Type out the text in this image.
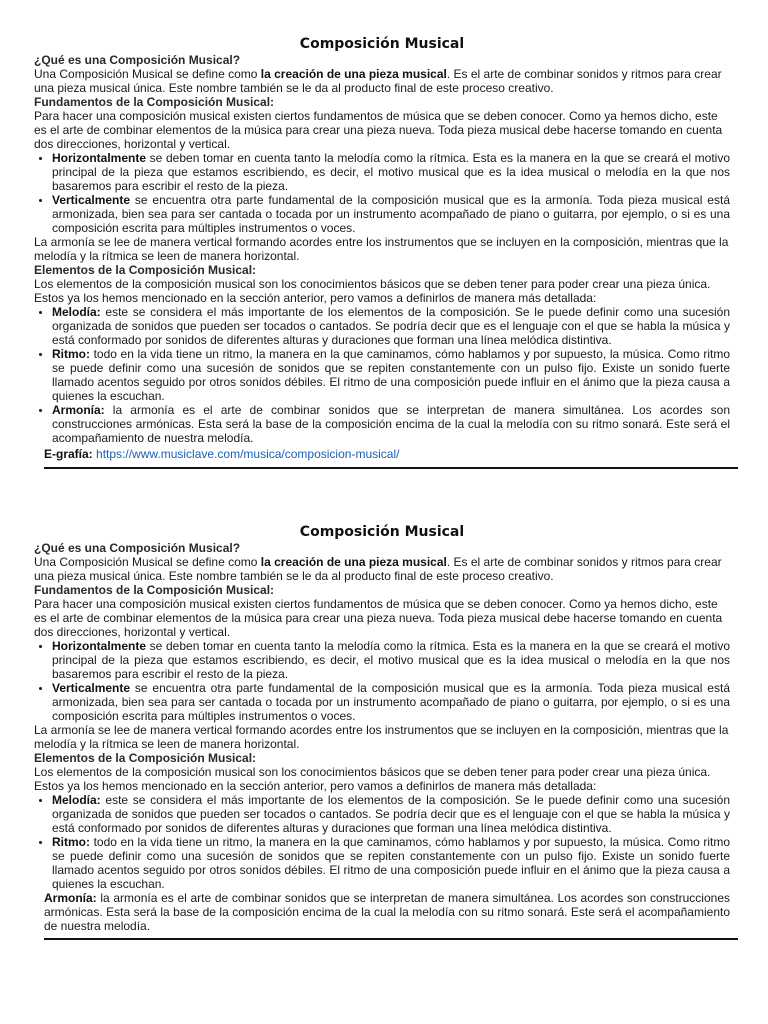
Composición Musical
¿Qué es una Composición Musical?

Una Composición Musical se define como la creación de una pieza musical. Es el arte de combinar sonidos y ritmos para crear una pieza musical única. Este nombre también se le da al producto final de este proceso creativo.

Fundamentos de la Composición Musical:

Para hacer una composición musical existen ciertos fundamentos de música que se deben conocer. Como ya hemos dicho, este es el arte de combinar elementos de la música para crear una pieza nueva. Toda pieza musical debe hacerse tomando en cuenta dos direcciones, horizontal y vertical.

• Horizontalmente se deben tomar en cuenta tanto la melodía como la rítmica. Esta es la manera en la que se creará el motivo principal de la pieza que estamos escribiendo, es decir, el motivo musical que es la idea musical o melodía en la que nos basaremos para escribir el resto de la pieza.
• Verticalmente se encuentra otra parte fundamental de la composición musical que es la armonía. Toda pieza musical está armonizada, bien sea para ser cantada o tocada por un instrumento acompañado de piano o guitarra, por ejemplo, o si es una composición escrita para múltiples instrumentos o voces.

La armonía se lee de manera vertical formando acordes entre los instrumentos que se incluyen en la composición, mientras que la melodía y la rítmica se leen de manera horizontal.

Elementos de la Composición Musical:

Los elementos de la composición musical son los conocimientos básicos que se deben tener para poder crear una pieza única. Estos ya los hemos mencionado en la sección anterior, pero vamos a definirlos de manera más detallada:

• Melodía: este se considera el más importante de los elementos de la composición. Se le puede definir como una sucesión organizada de sonidos que pueden ser tocados o cantados. Se podría decir que es el lenguaje con el que se habla la música y está conformado por sonidos de diferentes alturas y duraciones que forman una línea melódica distintiva.
• Ritmo: todo en la vida tiene un ritmo, la manera en la que caminamos, cómo hablamos y por supuesto, la música. Como ritmo se puede definir como una sucesión de sonidos que se repiten constantemente con un pulso fijo. Existe un sonido fuerte llamado acentos seguido por otros sonidos débiles. El ritmo de una composición puede influir en el ánimo que la pieza causa a quienes la escuchan.
• Armonía: la armonía es el arte de combinar sonidos que se interpretan de manera simultánea. Los acordes son construcciones armónicas. Esta será la base de la composición encima de la cual la melodía con su ritmo sonará. Este será el acompañamiento de nuestra melodía.
E-grafía: https://www.musiclave.com/musica/composicion-musical/
Composición Musical
¿Qué es una Composición Musical?

Una Composición Musical se define como la creación de una pieza musical. Es el arte de combinar sonidos y ritmos para crear una pieza musical única. Este nombre también se le da al producto final de este proceso creativo.

Fundamentos de la Composición Musical:

Para hacer una composición musical existen ciertos fundamentos de música que se deben conocer. Como ya hemos dicho, este es el arte de combinar elementos de la música para crear una pieza nueva. Toda pieza musical debe hacerse tomando en cuenta dos direcciones, horizontal y vertical.

• Horizontalmente se deben tomar en cuenta tanto la melodía como la rítmica. Esta es la manera en la que se creará el motivo principal de la pieza que estamos escribiendo, es decir, el motivo musical que es la idea musical o melodía en la que nos basaremos para escribir el resto de la pieza.
• Verticalmente se encuentra otra parte fundamental de la composición musical que es la armonía. Toda pieza musical está armonizada, bien sea para ser cantada o tocada por un instrumento acompañado de piano o guitarra, por ejemplo, o si es una composición escrita para múltiples instrumentos o voces.

La armonía se lee de manera vertical formando acordes entre los instrumentos que se incluyen en la composición, mientras que la melodía y la rítmica se leen de manera horizontal.

Elementos de la Composición Musical:

Los elementos de la composición musical son los conocimientos básicos que se deben tener para poder crear una pieza única. Estos ya los hemos mencionado en la sección anterior, pero vamos a definirlos de manera más detallada:

• Melodía: este se considera el más importante de los elementos de la composición. Se le puede definir como una sucesión organizada de sonidos que pueden ser tocados o cantados. Se podría decir que es el lenguaje con el que se habla la música y está conformado por sonidos de diferentes alturas y duraciones que forman una línea melódica distintiva.
• Ritmo: todo en la vida tiene un ritmo, la manera en la que caminamos, cómo hablamos y por supuesto, la música. Como ritmo se puede definir como una sucesión de sonidos que se repiten constantemente con un pulso fijo. Existe un sonido fuerte llamado acentos seguido por otros sonidos débiles. El ritmo de una composición puede influir en el ánimo que la pieza causa a quienes la escuchan.

Armonía: la armonía es el arte de combinar sonidos que se interpretan de manera simultánea. Los acordes son construcciones armónicas. Esta será la base de la composición encima de la cual la melodía con su ritmo sonará. Este será el acompañamiento de nuestra melodía.
